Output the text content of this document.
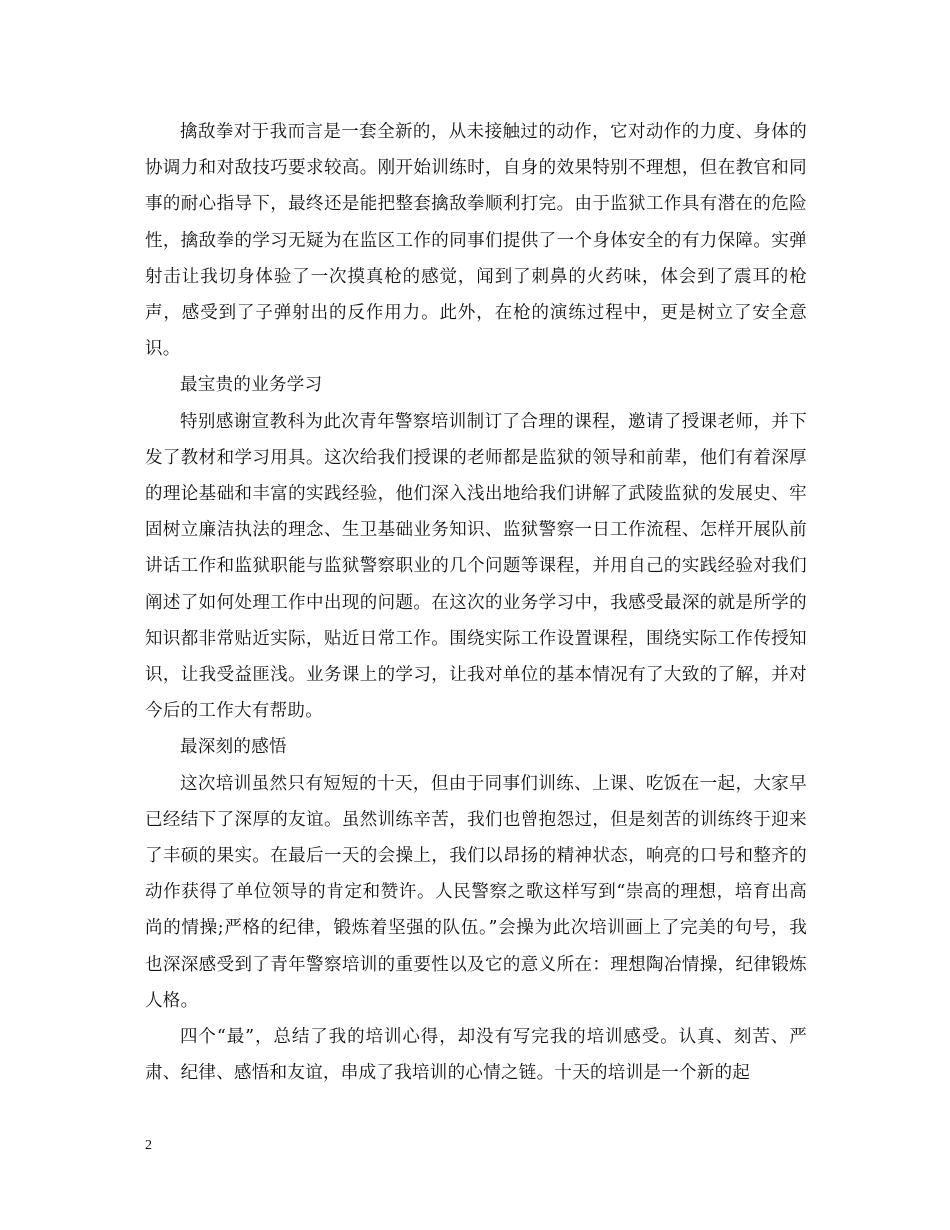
擒敌拳对于我而言是一套全新的，从未接触过的动作，它对动作的力度、身体的协调力和对敌技巧要求较高。刚开始训练时，自身的效果特别不理想，但在教官和同事的耐心指导下，最终还是能把整套擒敌拳顺利打完。由于监狱工作具有潜在的危险性，擒敌拳的学习无疑为在监区工作的同事们提供了一个身体安全的有力保障。实弹射击让我切身体验了一次摸真枪的感觉，闻到了刺鼻的火药味，体会到了震耳的枪声，感受到了子弹射出的反作用力。此外，在枪的演练过程中，更是树立了安全意识。

最宝贵的业务学习

特别感谢宣教科为此次青年警察培训制订了合理的课程，邀请了授课老师，并下发了教材和学习用具。这次给我们授课的老师都是监狱的领导和前辈，他们有着深厚的理论基础和丰富的实践经验，他们深入浅出地给我们讲解了武陵监狱的发展史、牢固树立廉洁执法的理念、生卫基础业务知识、监狱警察一日工作流程、怎样开展队前讲话工作和监狱职能与监狱警察职业的几个问题等课程，并用自己的实践经验对我们阐述了如何处理工作中出现的问题。在这次的业务学习中，我感受最深的就是所学的知识都非常贴近实际，贴近日常工作。围绕实际工作设置课程，围绕实际工作传授知识，让我受益匪浅。业务课上的学习，让我对单位的基本情况有了大致的了解，并对今后的工作大有帮助。

最深刻的感悟

这次培训虽然只有短短的十天，但由于同事们训练、上课、吃饭在一起，大家早已经结下了深厚的友谊。虽然训练辛苦，我们也曾抱怨过，但是刻苦的训练终于迎来了丰硕的果实。在最后一天的会操上，我们以昂扬的精神状态，响亮的口号和整齐的动作获得了单位领导的肯定和赞许。人民警察之歌这样写到“崇高的理想，培育出高尚的情操;严格的纪律，锻炼着坚强的队伍。”会操为此次培训画上了完美的句号，我也深深感受到了青年警察培训的重要性以及它的意义所在：理想陶冶情操，纪律锻炼人格。

四个“最”，总结了我的培训心得，却没有写完我的培训感受。认真、刻苦、严肃、纪律、感悟和友谊，串成了我培训的心情之链。十天的培训是一个新的起

2
